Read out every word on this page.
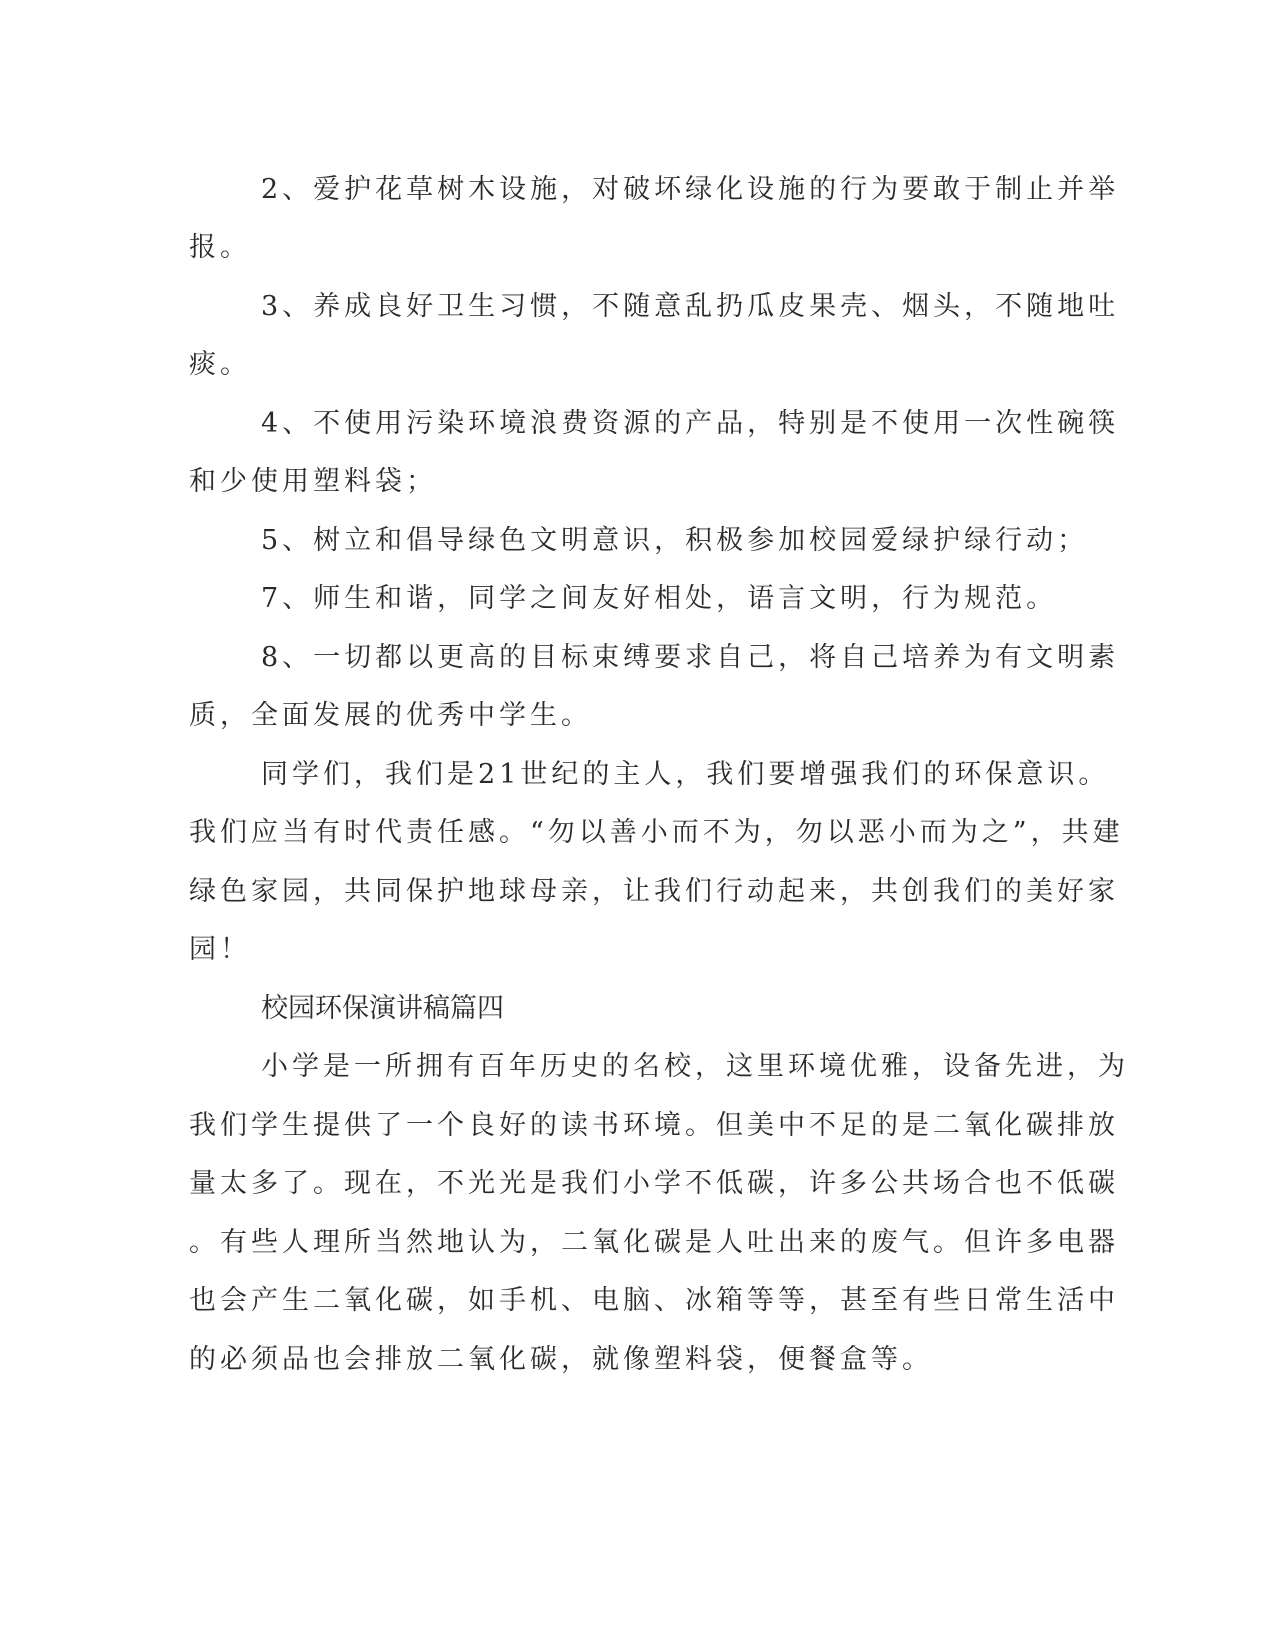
2、爱护花草树木设施，对破坏绿化设施的行为要敢于制止并举
报。
3、养成良好卫生习惯，不随意乱扔瓜皮果壳、烟头，不随地吐
痰。
4、不使用污染环境浪费资源的产品，特别是不使用一次性碗筷
和少使用塑料袋；
5、树立和倡导绿色文明意识，积极参加校园爱绿护绿行动；
7、师生和谐，同学之间友好相处，语言文明，行为规范。
8、一切都以更高的目标束缚要求自己，将自己培养为有文明素
质，全面发展的优秀中学生。
同学们，我们是21世纪的主人，我们要增强我们的环保意识。
我们应当有时代责任感。“勿以善小而不为，勿以恶小而为之”，共建
绿色家园，共同保护地球母亲，让我们行动起来，共创我们的美好家
园！
校园环保演讲稿篇四
小学是一所拥有百年历史的名校，这里环境优雅，设备先进，为
我们学生提供了一个良好的读书环境。但美中不足的是二氧化碳排放
量太多了。现在，不光光是我们小学不低碳，许多公共场合也不低碳
。有些人理所当然地认为，二氧化碳是人吐出来的废气。但许多电器
也会产生二氧化碳，如手机、电脑、冰箱等等，甚至有些日常生活中
的必须品也会排放二氧化碳，就像塑料袋，便餐盒等。
